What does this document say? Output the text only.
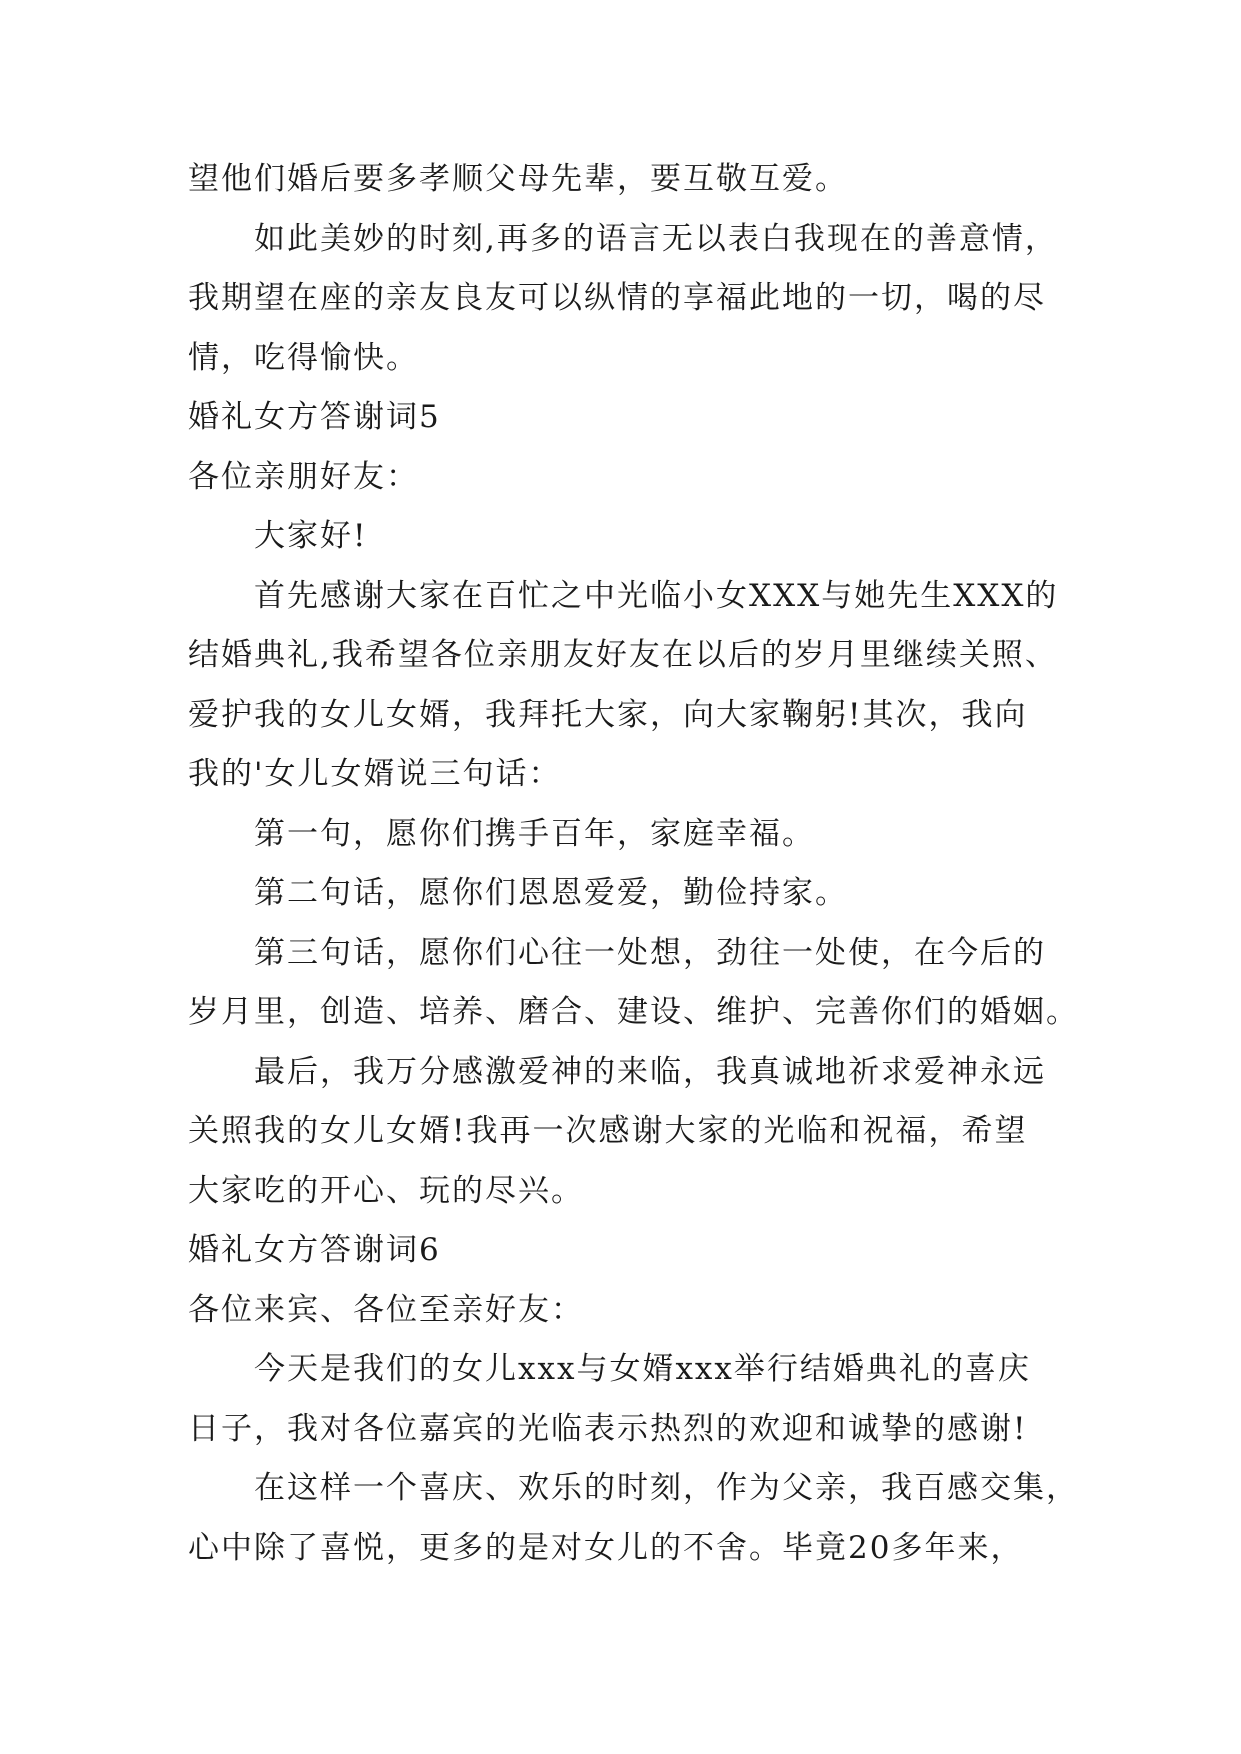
望他们婚后要多孝顺父母先辈，要互敬互爱。
如此美妙的时刻,再多的语言无以表白我现在的善意情，
我期望在座的亲友良友可以纵情的享福此地的一切，喝的尽
情，吃得愉快。
婚礼女方答谢词5
各位亲朋好友：
大家好!
首先感谢大家在百忙之中光临小女XXX与她先生XXX的
结婚典礼,我希望各位亲朋友好友在以后的岁月里继续关照、
爱护我的女儿女婿，我拜托大家，向大家鞠躬!其次，我向
我的'女儿女婿说三句话：
第一句，愿你们携手百年，家庭幸福。
第二句话，愿你们恩恩爱爱，勤俭持家。
第三句话，愿你们心往一处想，劲往一处使，在今后的
岁月里，创造、培养、磨合、建设、维护、完善你们的婚姻。
最后，我万分感激爱神的来临，我真诚地祈求爱神永远
关照我的女儿女婿!我再一次感谢大家的光临和祝福，希望
大家吃的开心、玩的尽兴。
婚礼女方答谢词6
各位来宾、各位至亲好友：
今天是我们的女儿xxx与女婿xxx举行结婚典礼的喜庆
日子，我对各位嘉宾的光临表示热烈的欢迎和诚挚的感谢!
在这样一个喜庆、欢乐的时刻，作为父亲，我百感交集，
心中除了喜悦，更多的是对女儿的不舍。毕竟20多年来，
